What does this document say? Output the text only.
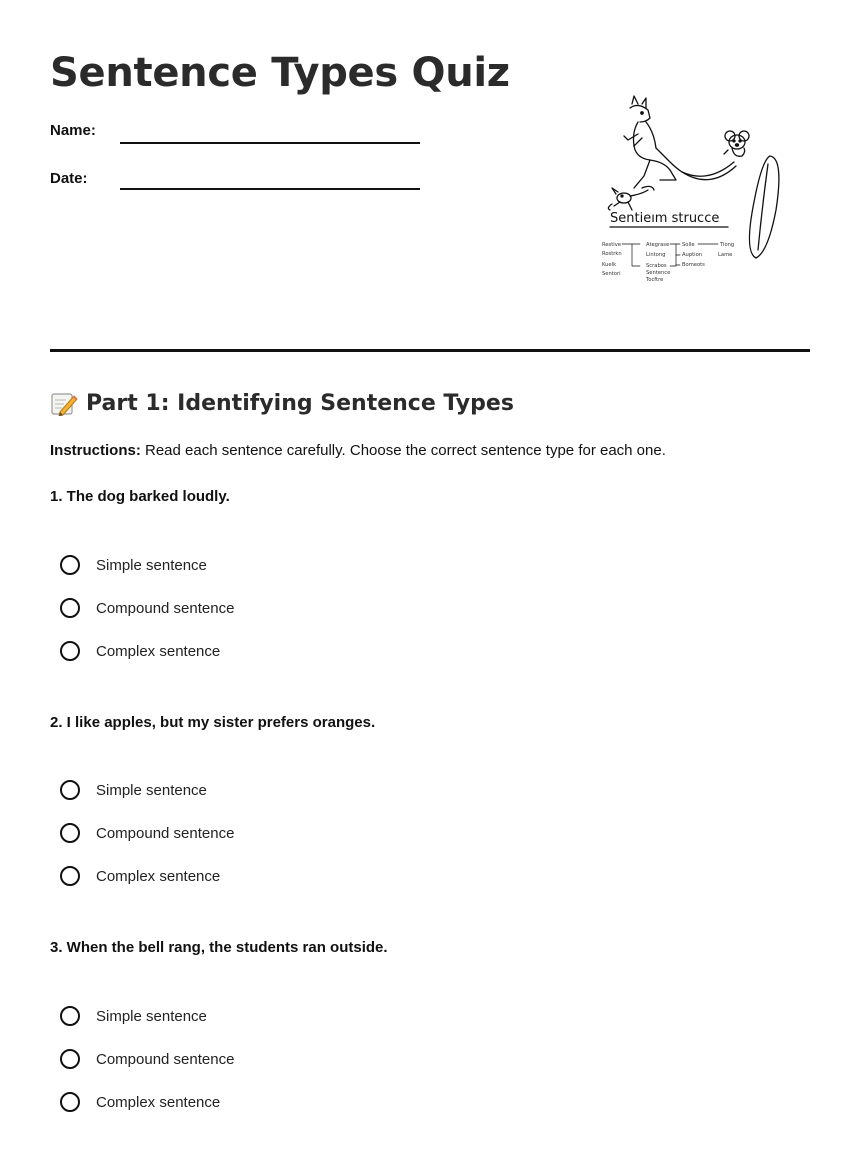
Sentence Types Quiz
Name:
Date:
Sentieım strucce
Restive
Rostrkn
Kuelk
Sentori
Ategrase
Lintong
Scrabos
Sentence
Tocftre
Solle
Auption
Bomeots
Tiong
Lame
Part 1: Identifying Sentence Types
Instructions: Read each sentence carefully. Choose the correct sentence type for each one.

1. The dog barked loudly.

Simple sentence
Compound sentence
Complex sentence

2. I like apples, but my sister prefers oranges.

Simple sentence
Compound sentence
Complex sentence

3. When the bell rang, the students ran outside.

Simple sentence
Compound sentence
Complex sentence
